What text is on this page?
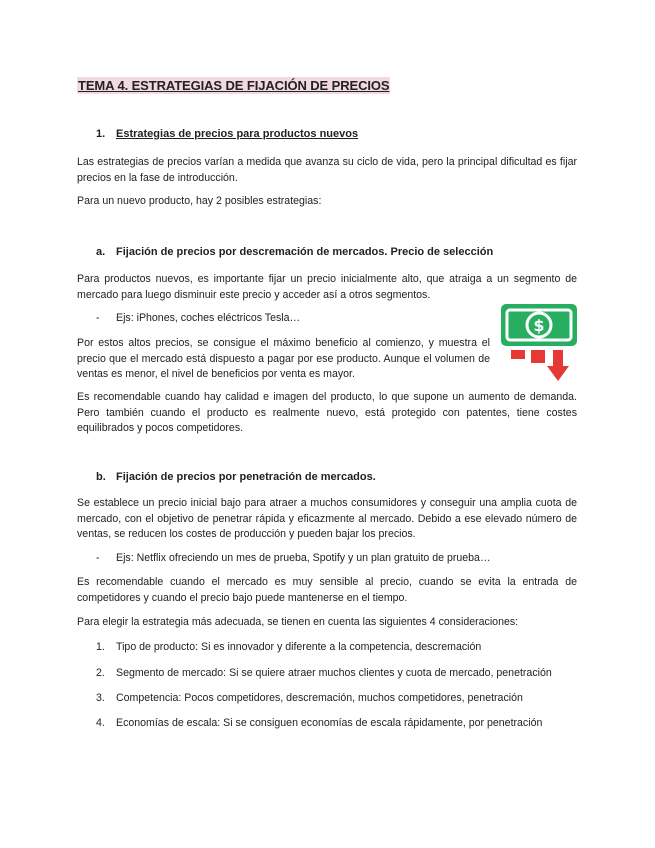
TEMA 4. ESTRATEGIAS DE FIJACIÓN DE PRECIOS
1. Estrategias de precios para productos nuevos

Las estrategias de precios varían a medida que avanza su ciclo de vida, pero la principal dificultad es fijar precios en la fase de introducción.

Para un nuevo producto, hay 2 posibles estrategias:

a. Fijación de precios por descremación de mercados. Precio de selección

Para productos nuevos, es importante fijar un precio inicialmente alto, que atraiga a un segmento de mercado para luego disminuir este precio y acceder así a otros segmentos.

- Ejs: iPhones, coches eléctricos Tesla…

Por estos altos precios, se consigue el máximo beneficio al comienzo, y muestra el precio que el mercado está dispuesto a pagar por ese producto. Aunque el volumen de ventas es menor, el nivel de beneficios por venta es mayor.

$

Es recomendable cuando hay calidad e imagen del producto, lo que supone un aumento de demanda. Pero también cuando el producto es realmente nuevo, está protegido con patentes, tiene costes equilibrados y pocos competidores.

b. Fijación de precios por penetración de mercados.

Se establece un precio inicial bajo para atraer a muchos consumidores y conseguir una amplia cuota de mercado, con el objetivo de penetrar rápida y eficazmente al mercado. Debido a ese elevado número de ventas, se reducen los costes de producción y pueden bajar los precios.

- Ejs: Netflix ofreciendo un mes de prueba, Spotify y un plan gratuito de prueba…

Es recomendable cuando el mercado es muy sensible al precio, cuando se evita la entrada de competidores y cuando el precio bajo puede mantenerse en el tiempo.

Para elegir la estrategia más adecuada, se tienen en cuenta las siguientes 4 consideraciones:

1. Tipo de producto: Si es innovador y diferente a la competencia, descremación
2. Segmento de mercado: Si se quiere atraer muchos clientes y cuota de mercado, penetración
3. Competencia: Pocos competidores, descremación, muchos competidores, penetración
4. Economías de escala: Si se consiguen economías de escala rápidamente, por penetración
